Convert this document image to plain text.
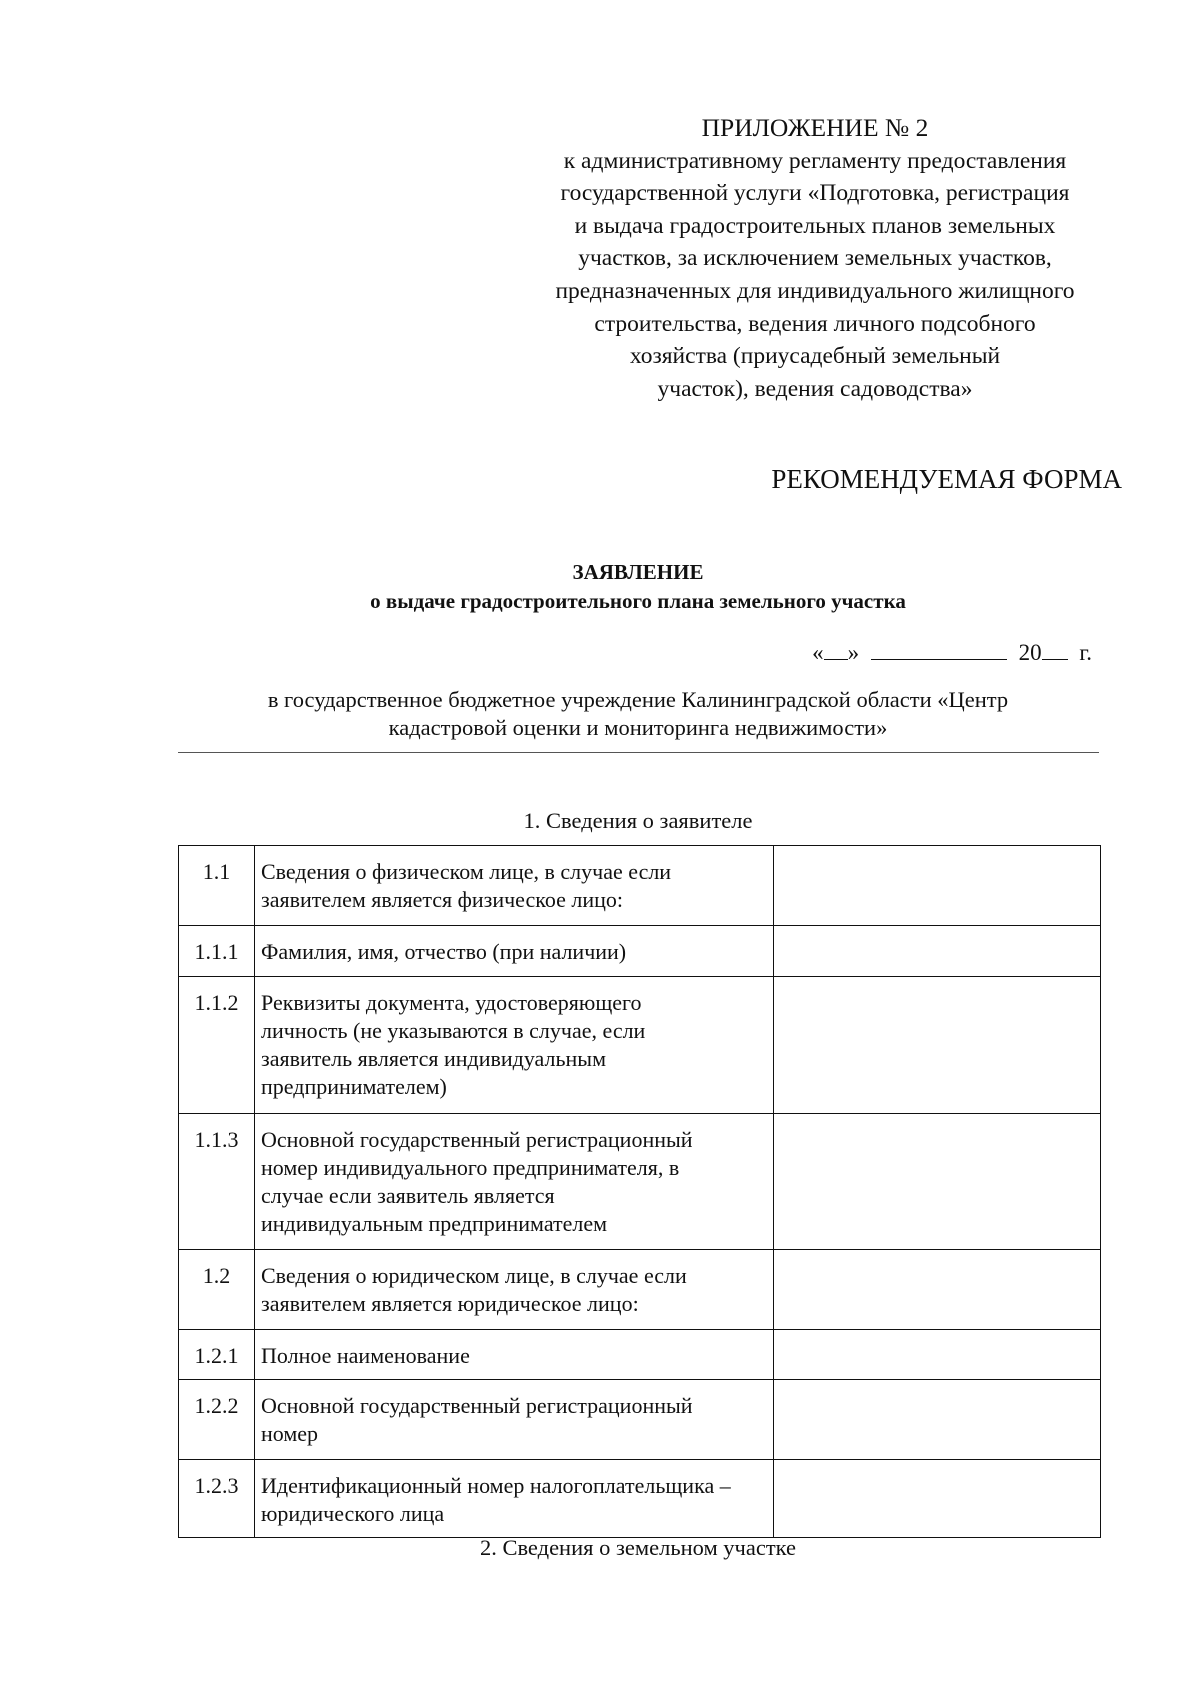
ПРИЛОЖЕНИЕ № 2
к административному регламенту предоставления
государственной услуги «Подготовка, регистрация
и выдача градостроительных планов земельных
участков, за исключением земельных участков,
предназначенных для индивидуального жилищного
строительства, ведения личного подсобного
хозяйства (приусадебный земельный
участок), ведения садоводства»
РЕКОМЕНДУЕМАЯ ФОРМА
ЗАЯВЛЕНИЕ
о выдаче градостроительного плана земельного участка
« »	20 г.
в государственное бюджетное учреждение Калининградской области «Центр
кадастровой оценки и мониторинга недвижимости»
1. Сведения о заявителе
1.1	Сведения о физическом лице, в случае если
заявителем является физическое лицо:	

1.1.1	Фамилия, имя, отчество (при наличии)	

1.1.2	Реквизиты документа, удостоверяющего
личность (не указываются в случае, если
заявитель является индивидуальным
предпринимателем)	

1.1.3	Основной государственный регистрационный
номер индивидуального предпринимателя, в
случае если заявитель является
индивидуальным предпринимателем	

1.2	Сведения о юридическом лице, в случае если
заявителем является юридическое лицо:	

1.2.1	Полное наименование	

1.2.2	Основной государственный регистрационный
номер	

1.2.3	Идентификационный номер налогоплательщика –
юридического лица	

2. Сведения о земельном участке
